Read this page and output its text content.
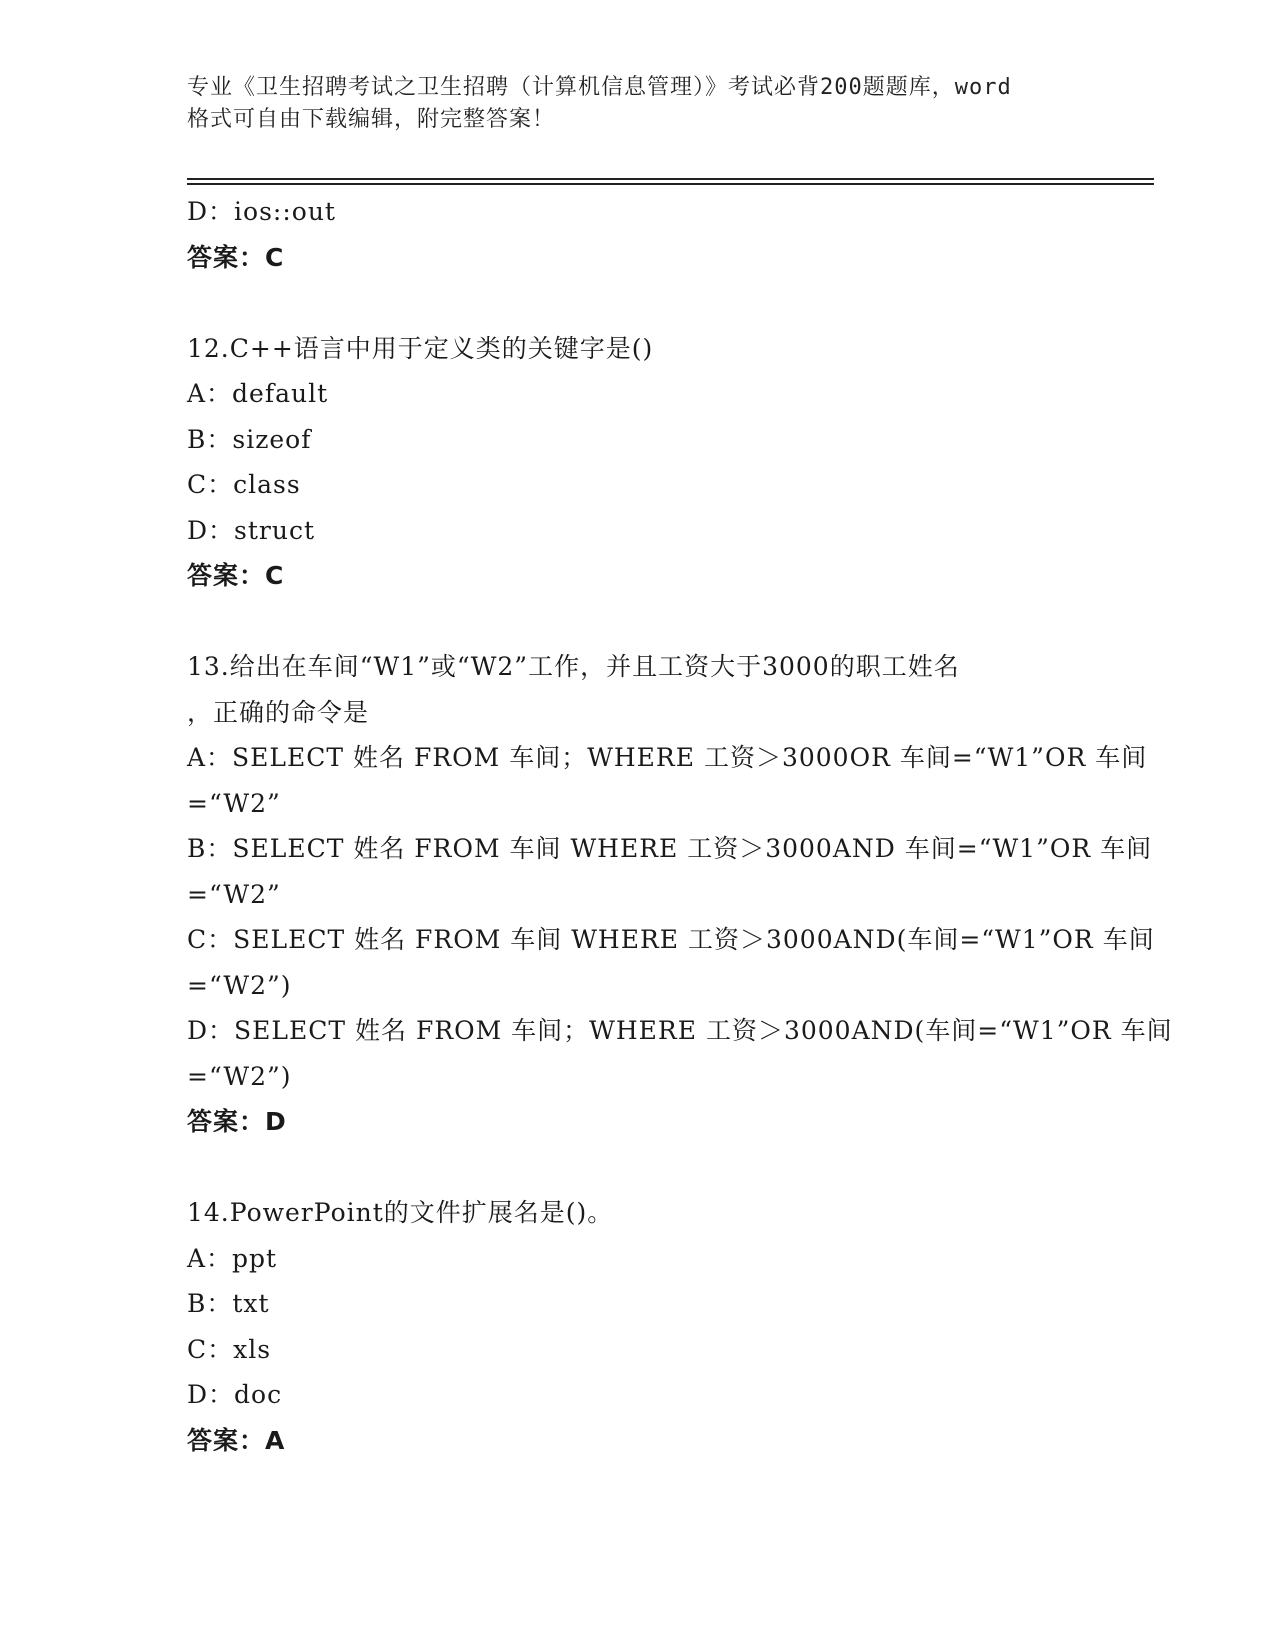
专业《卫生招聘考试之卫生招聘（计算机信息管理）》考试必背200题题库，word
格式可自由下载编辑，附完整答案！
D：ios::out
答案：C
12.C++语言中用于定义类的关键字是()
A：default
B：sizeof
C：class
D：struct
答案：C
13.给出在车间“W1”或“W2”工作，并且工资大于3000的职工姓名
，正确的命令是
A：SELECT 姓名 FROM 车间；WHERE 工资＞3000OR 车间=“W1”OR 车间
=“W2”
B：SELECT 姓名 FROM 车间 WHERE 工资＞3000AND 车间=“W1”OR 车间
=“W2”
C：SELECT 姓名 FROM 车间 WHERE 工资＞3000AND(车间=“W1”OR 车间
=“W2”)
D：SELECT 姓名 FROM 车间；WHERE 工资＞3000AND(车间=“W1”OR 车间
=“W2”)
答案：D
14.PowerPoint的文件扩展名是()。
A：ppt
B：txt
C：xls
D：doc
答案：A
